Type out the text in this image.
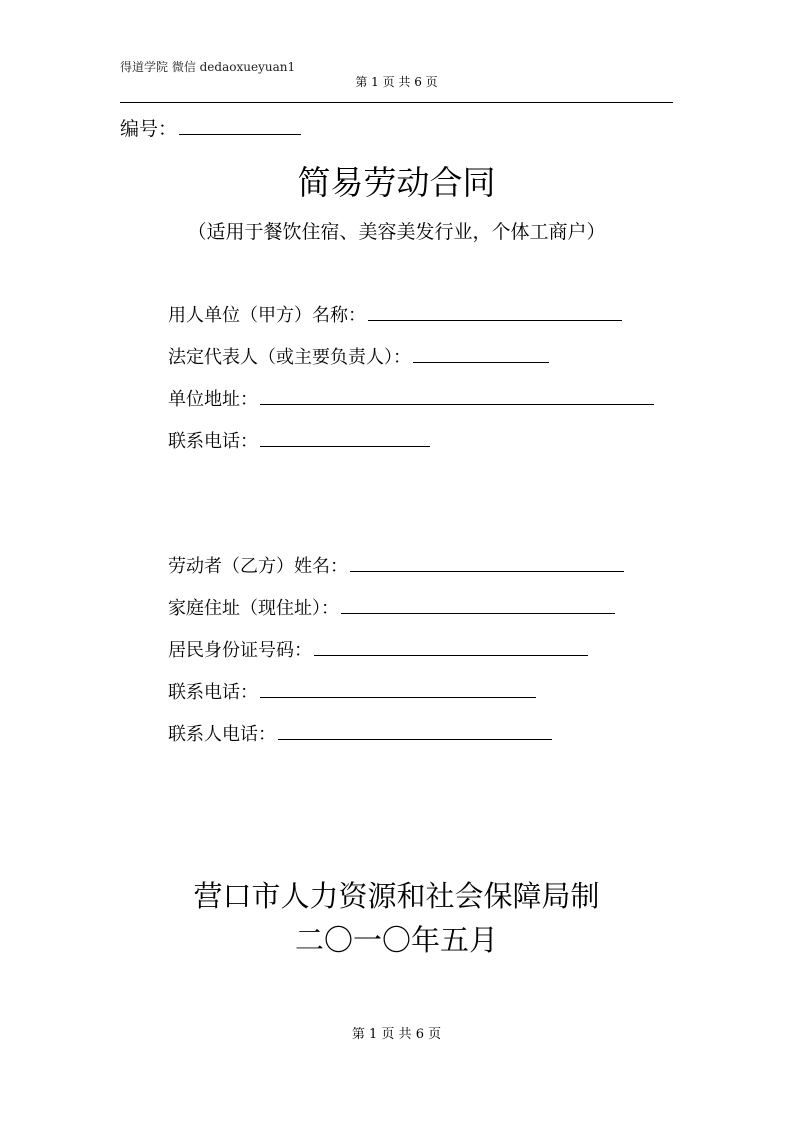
得道学院 微信 dedaoxueyuan1
第 1 页 共 6 页
编号：
简易劳动合同
（适用于餐饮住宿、美容美发行业，个体工商户）
用人单位（甲方）名称：
法定代表人（或主要负责人）：
单位地址：
联系电话：
劳动者（乙方）姓名：
家庭住址（现住址）：
居民身份证号码：
联系电话：
联系人电话：
营口市人力资源和社会保障局制
二〇一〇年五月
第 1 页 共 6 页
